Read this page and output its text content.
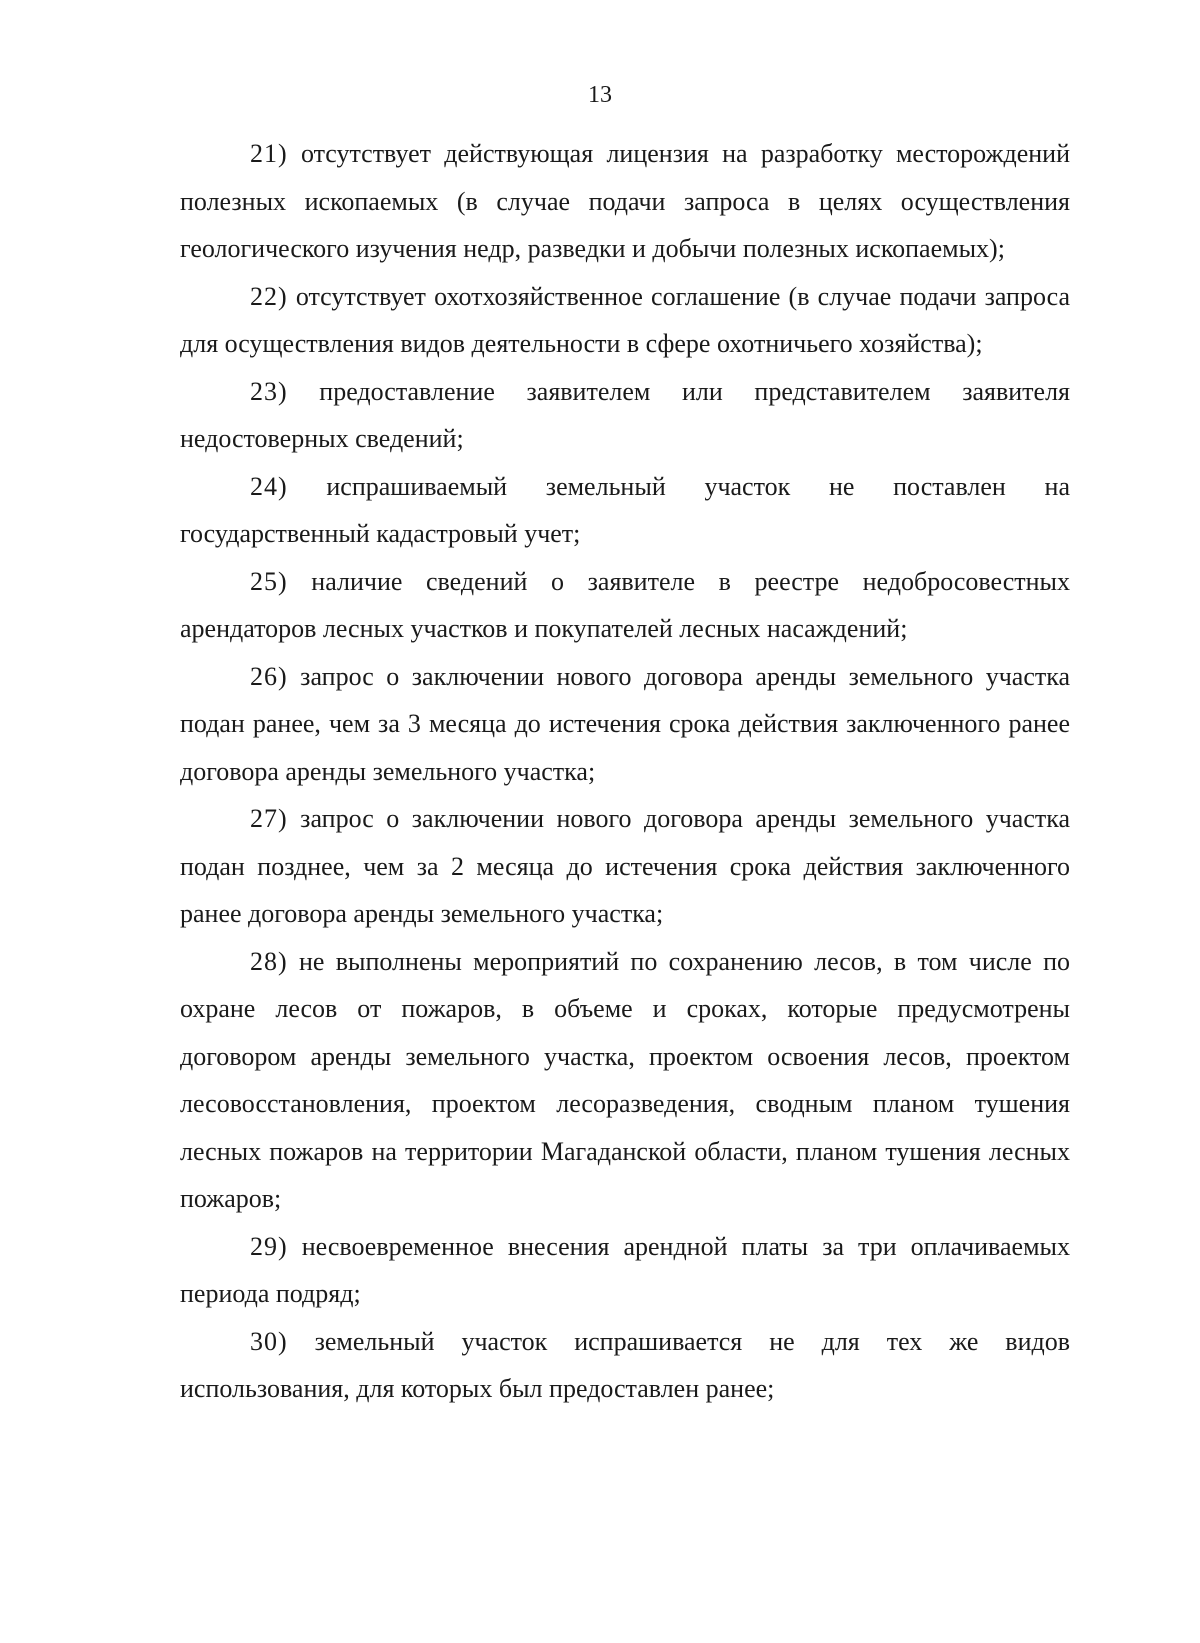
13

21) отсутствует действующая лицензия на разработку месторождений полезных ископаемых (в случае подачи запроса в целях осуществления геологического изучения недр, разведки и добычи полезных ископаемых);

22) отсутствует охотхозяйственное соглашение (в случае подачи запроса для осуществления видов деятельности в сфере охотничьего хозяйства);

23) предоставление заявителем или представителем заявителя недостоверных сведений;

24) испрашиваемый земельный участок не поставлен на государственный кадастровый учет;

25) наличие сведений о заявителе в реестре недобросовестных арендаторов лесных участков и покупателей лесных насаждений;

26) запрос о заключении нового договора аренды земельного участка подан ранее, чем за 3 месяца до истечения срока действия заключенного ранее договора аренды земельного участка;

27) запрос о заключении нового договора аренды земельного участка подан позднее, чем за 2 месяца до истечения срока действия заключенного ранее договора аренды земельного участка;

28) не выполнены мероприятий по сохранению лесов, в том числе по охране лесов от пожаров, в объеме и сроках, которые предусмотрены договором аренды земельного участка, проектом освоения лесов, проектом лесовосстановления, проектом лесоразведения, сводным планом тушения лесных пожаров на территории Магаданской области, планом тушения лесных пожаров;

29) несвоевременное внесения арендной платы за три оплачиваемых периода подряд;

30) земельный участок испрашивается не для тех же видов использования, для которых был предоставлен ранее;
